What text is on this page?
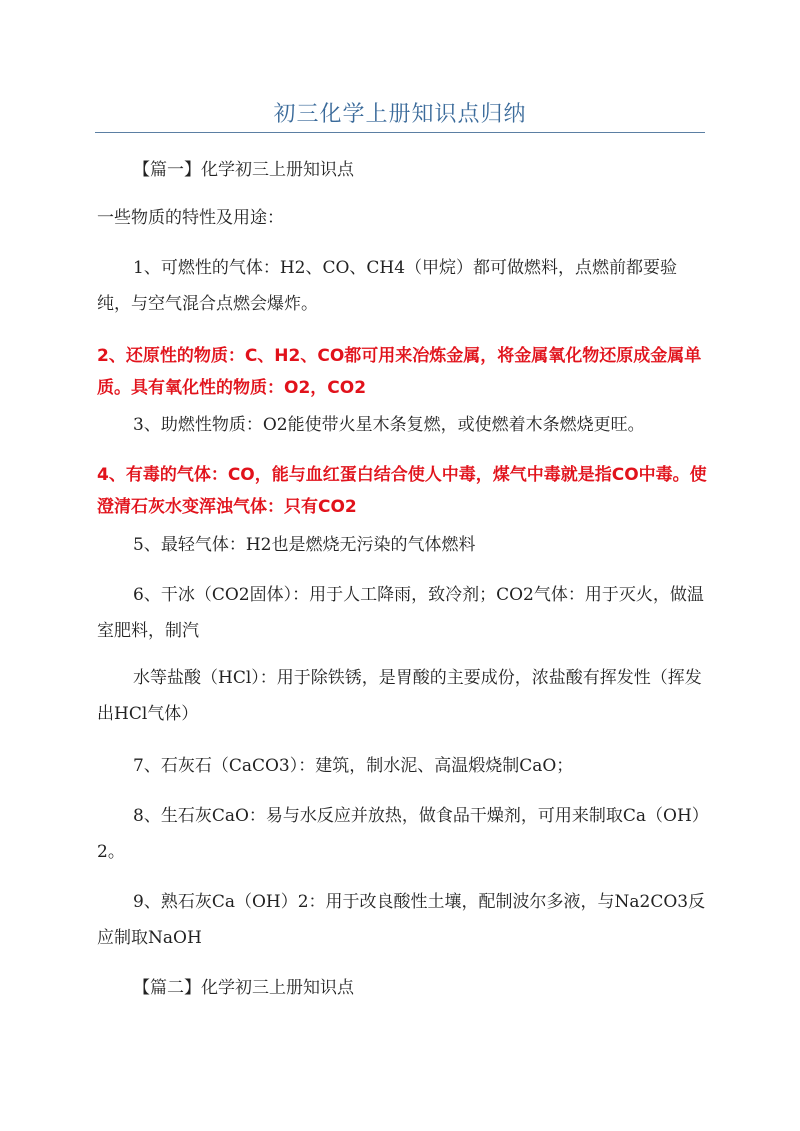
初三化学上册知识点归纳
【篇一】化学初三上册知识点
一些物质的特性及用途：
1、可燃性的气体：H2、CO、CH4（甲烷）都可做燃料，点燃前都要验纯，与空气混合点燃会爆炸。
2、还原性的物质：C、H2、CO都可用来冶炼金属，将金属氧化物还原成金属单质。具有氧化性的物质：O2，CO2
3、助燃性物质：O2能使带火星木条复燃，或使燃着木条燃烧更旺。
4、有毒的气体：CO，能与血红蛋白结合使人中毒，煤气中毒就是指CO中毒。使澄清石灰水变浑浊气体：只有CO2
5、最轻气体：H2也是燃烧无污染的气体燃料
6、干冰（CO2固体）：用于人工降雨，致冷剂；CO2气体：用于灭火，做温室肥料，制汽
水等盐酸（HCl）：用于除铁锈，是胃酸的主要成份，浓盐酸有挥发性（挥发出HCl气体）
7、石灰石（CaCO3）：建筑，制水泥、高温煅烧制CaO；
8、生石灰CaO：易与水反应并放热，做食品干燥剂，可用来制取Ca（OH）2。
9、熟石灰Ca（OH）2：用于改良酸性土壤，配制波尔多液，与Na2CO3反应制取NaOH
【篇二】化学初三上册知识点
